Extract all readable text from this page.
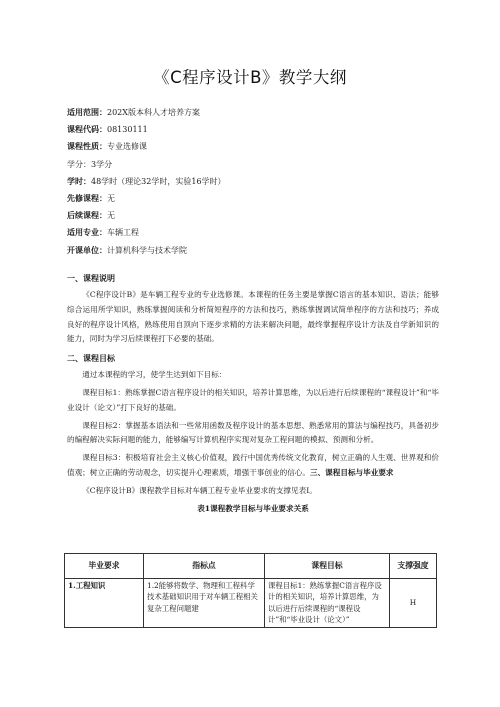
《C程序设计B》教学大纲
适用范围：202X版本科人才培养方案
课程代码：08130111
课程性质：专业选修课
学分：3学分
学时：48学时（理论32学时，实验16学时）
先修课程：无
后续课程：无
适用专业：车辆工程
开课单位：计算机科学与技术学院
一、课程说明
《C程序设计B》是车辆工程专业的专业选修课。本课程的任务主要是掌握C语言的基本知识、语法；能够综合运用所学知识，熟练掌握阅读和分析简短程序的方法和技巧，熟练掌握调试简单程序的方法和技巧；养成良好的程序设计风格，熟练使用自顶向下逐步求精的方法来解决问题，最终掌握程序设计方法及自学新知识的能力，同时为学习后续课程打下必要的基础。
二、课程目标
通过本课程的学习，使学生达到如下目标：
课程目标1：熟练掌握C语言程序设计的相关知识，培养计算思维，为以后进行后续课程的“课程设计”和“毕业设计（论文）”打下良好的基础。
课程目标2：掌握基本语法和一些常用函数及程序设计的基本思想、熟悉常用的算法与编程技巧，具备初步的编程解决实际问题的能力，能够编写计算机程序实现对复杂工程问题的模拟、预测和分析。
课程目标3：积极培育社会主义核心价值观，践行中国优秀传统文化教育，树立正确的人生观、世界观和价值观；树立正确的劳动观念，切实提升心理素质，增强干事创业的信心。三、课程目标与毕业要求
《C程序设计B》课程教学目标对车辆工程专业毕业要求的支撑见表I。
表1课程教学目标与毕业要求关系
毕业要求	指标点	课程目标	支撑强度
1.工程知识	1.2能够将数学、物理和工程科学技术基础知识用于对车辆工程相关复杂工程问题建	课程目标1：熟练掌握C语言程序设计的相关知识，培养计算思维，为以后进行后续课程的“课程设计”和“毕业设计（论文）”	H
